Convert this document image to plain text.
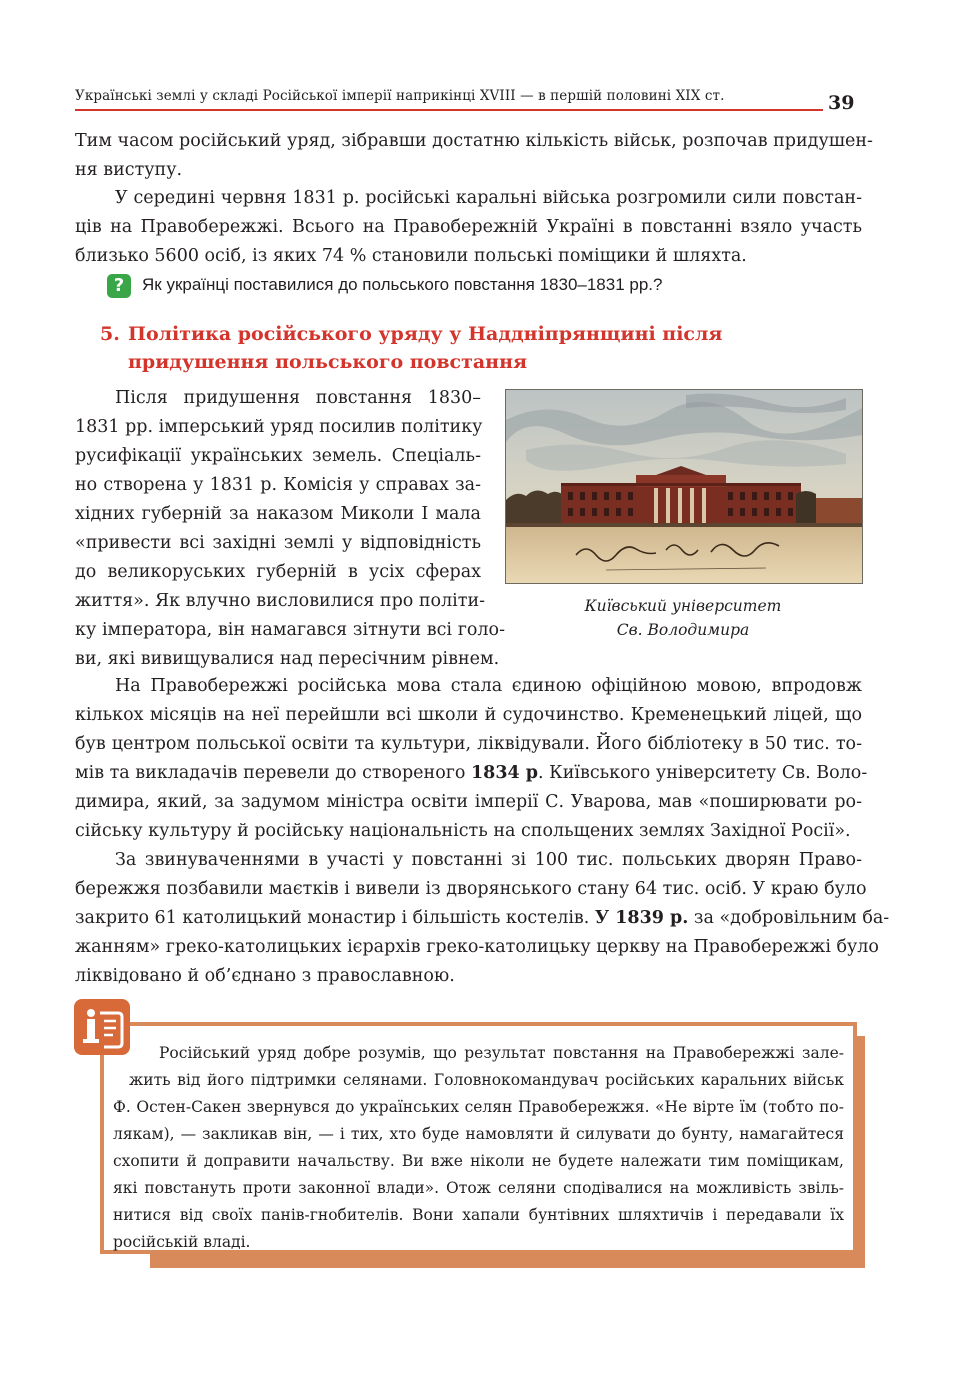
Українські землі у складі Російської імперії наприкінці XVIII — в першій половині XIX ст.	39
Тим часом російський уряд, зібравши достатню кількість військ, розпочав придушен-
ня виступу.
У середині червня 1831 р. російські каральні війська розгромили сили повстан-
ців на Правобережжі. Всього на Правобережній Україні в повстанні взяло участь
близько 5600 осіб, із яких 74 % становили польські поміщики й шляхта.
?	Як українці поставилися до польського повстання 1830–1831 рр.?
5. Політика російського уряду у Наддніпрянщині після
придушення польського повстання
Після придушення повстання 1830–
1831 рр. імперський уряд посилив політику
русифікації українських земель. Спеціаль-
но створена у 1831 р. Комісія у справах за-
хідних губерній за наказом Миколи І мала
«привести всі західні землі у відповідність
до великоруських губерній в усіх сферах
життя». Як влучно висловилися про політи-
ку імператора, він намагався зітнути всі голо-
ви, які вивищувалися над пересічним рівнем.
Київський університет
Св. Володимира
На Правобережжі російська мова стала єдиною офіційною мовою, впродовж
кількох місяців на неї перейшли всі школи й судочинство. Кременецький ліцей, що
був центром польської освіти та культури, ліквідували. Його бібліотеку в 50 тис. то-
мів та викладачів перевели до створеного 1834 р. Київського університету Св. Воло-
димира, який, за задумом міністра освіти імперії С. Уварова, мав «поширювати ро-
сійську культуру й російську національність на спольщених землях Західної Росії».
За звинуваченнями в участі у повстанні зі 100 тис. польських дворян Право-
бережжя позбавили маєтків і вивели із дворянського стану 64 тис. осіб. У краю було
закрито 61 католицький монастир і більшість костелів. У 1839 р. за «добровільним ба-
жанням» греко-католицьких ієрархів греко-католицьку церкву на Правобережжі було
ліквідовано й об’єднано з православною.
Російський уряд добре розумів, що результат повстання на Правобережжі зале-
жить від його підтримки селянами. Головнокомандувач російських каральних військ
Ф. Остен-Сакен звернувся до українських селян Правобережжя. «Не вірте їм (тобто по-
лякам), — закликав він, — і тих, хто буде намовляти й силувати до бунту, намагайтеся
схопити й доправити начальству. Ви вже ніколи не будете належати тим поміщикам,
які повстануть проти законної влади». Отож селяни сподівалися на можливість звіль-
нитися від своїх панів-гнобителів. Вони хапали бунтівних шляхтичів і передавали їх
російській владі.
